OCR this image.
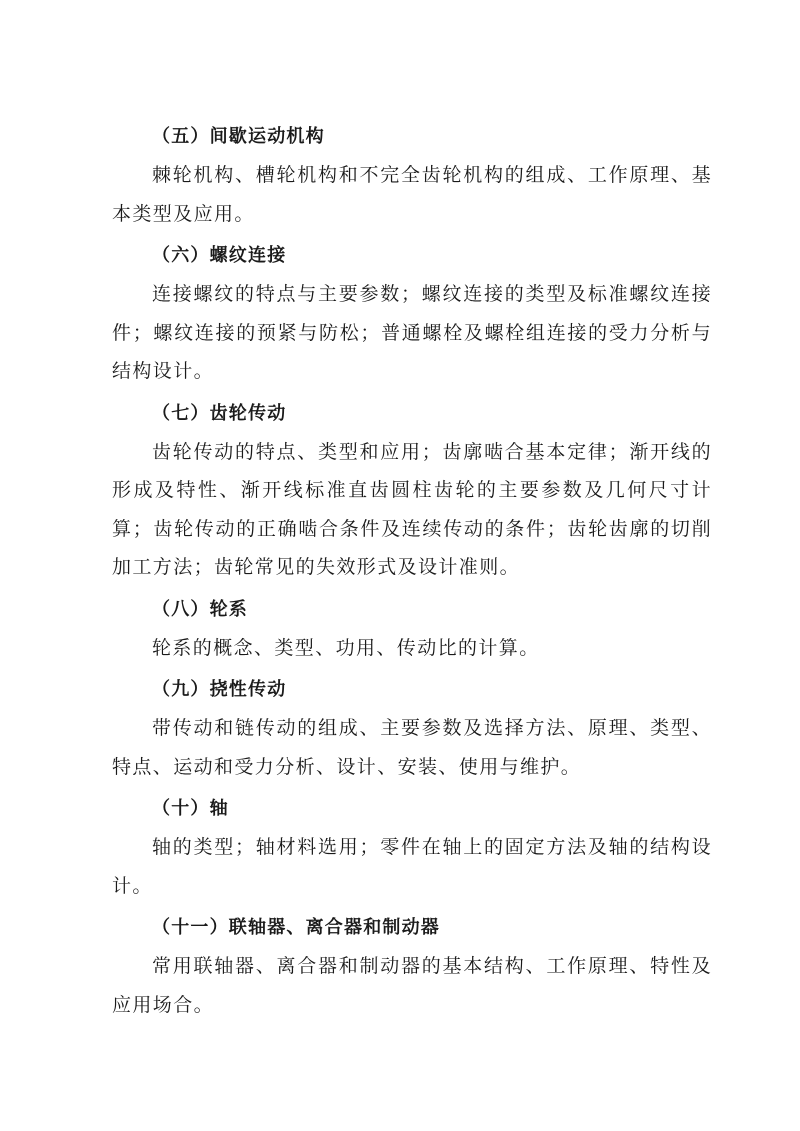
（五）间歇运动机构

棘轮机构、槽轮机构和不完全齿轮机构的组成、工作原理、基本类型及应用。

（六）螺纹连接

连接螺纹的特点与主要参数；螺纹连接的类型及标准螺纹连接件；螺纹连接的预紧与防松；普通螺栓及螺栓组连接的受力分析与结构设计。

（七）齿轮传动

齿轮传动的特点、类型和应用；齿廓啮合基本定律；渐开线的形成及特性、渐开线标准直齿圆柱齿轮的主要参数及几何尺寸计算；齿轮传动的正确啮合条件及连续传动的条件；齿轮齿廓的切削加工方法；齿轮常见的失效形式及设计准则。

（八）轮系

轮系的概念、类型、功用、传动比的计算。

（九）挠性传动

带传动和链传动的组成、主要参数及选择方法、原理、类型、特点、运动和受力分析、设计、安装、使用与维护。

（十）轴

轴的类型；轴材料选用；零件在轴上的固定方法及轴的结构设计。

（十一）联轴器、离合器和制动器

常用联轴器、离合器和制动器的基本结构、工作原理、特性及应用场合。
